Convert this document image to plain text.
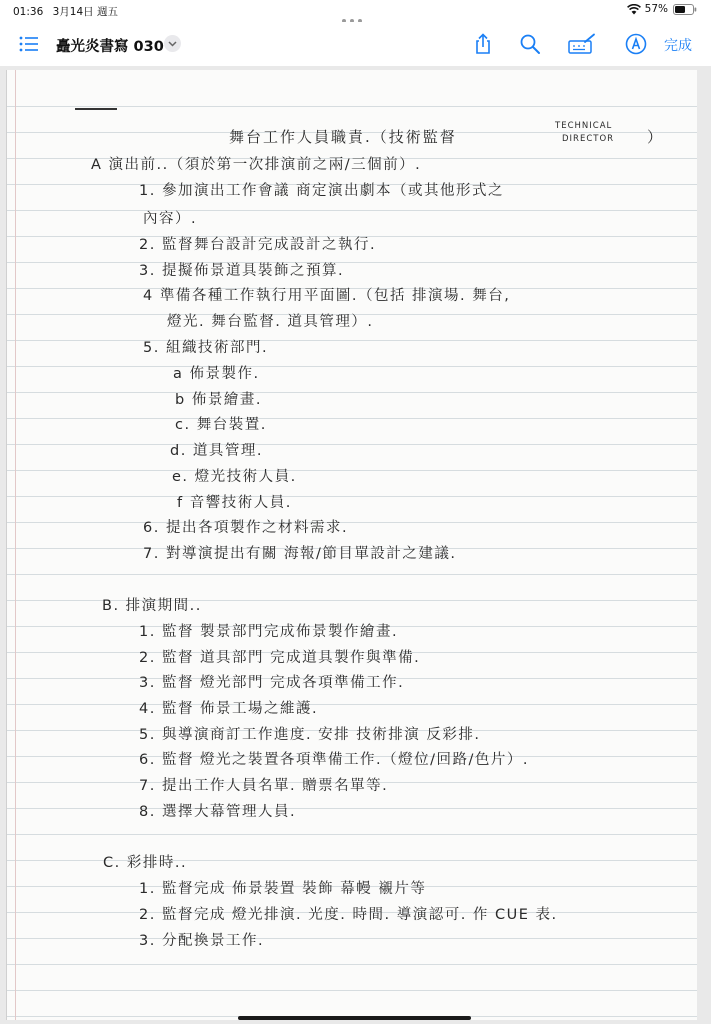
01:36 3月14日 週五	57%
矗光炎書寫 030	完成
舞台工作人員職責.（技術監督
TECHNICAL
DIRECTOR ）
A 演出前..（須於第一次排演前之兩/三個前）.
1. 參加演出工作會議 商定演出劇本（或其他形式之
內容）.
2. 監督舞台設計完成設計之執行.
3. 提擬佈景道具裝飾之預算.
4 準備各種工作執行用平面圖.（包括 排演場. 舞台,
燈光. 舞台監督. 道具管理）.
5. 組織技術部門.
a 佈景製作.
b 佈景繪畫.
c. 舞台裝置.
d. 道具管理.
e. 燈光技術人員.
f 音響技術人員.
6. 提出各項製作之材料需求.
7. 對導演提出有關 海報/節目單設計之建議.
B. 排演期間..
1. 監督 製景部門完成佈景製作繪畫.
2. 監督 道具部門 完成道具製作與準備.
3. 監督 燈光部門 完成各項準備工作.
4. 監督 佈景工場之維護.
5. 與導演商訂工作進度. 安排 技術排演 反彩排.
6. 監督 燈光之裝置各項準備工作.（燈位/回路/色片）.
7. 提出工作人員名單. 贈票名單等.
8. 選擇大幕管理人員.
C. 彩排時..
1. 監督完成 佈景裝置 裝飾 幕幔 襯片等
2. 監督完成 燈光排演. 光度. 時間. 導演認可. 作 CUE 表.
3. 分配換景工作.
